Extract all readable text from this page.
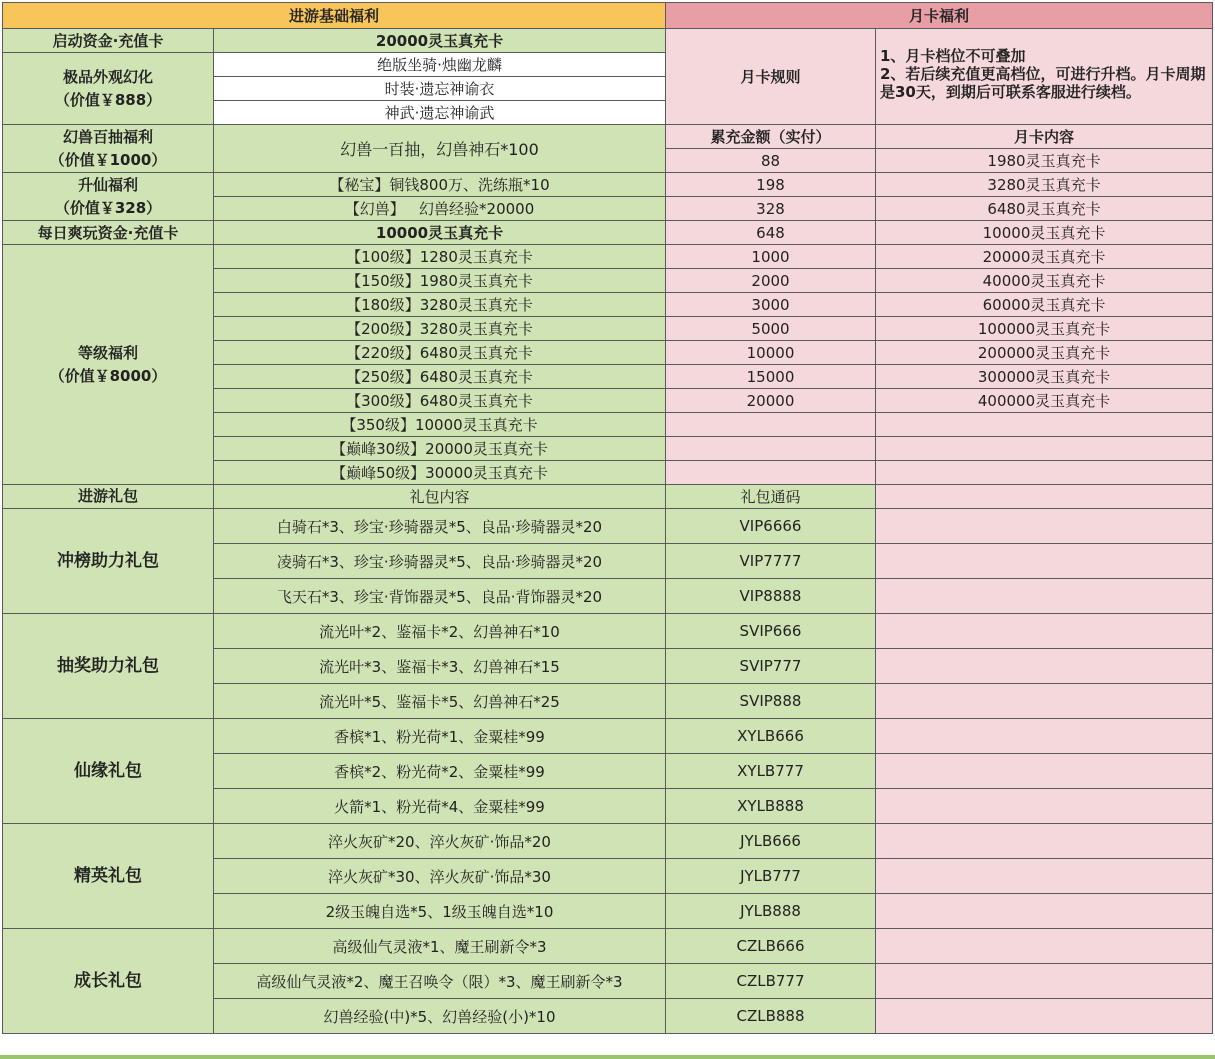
进游基础福利		月卡福利	
启动资金·充值卡	20000灵玉真充卡	月卡规则	1、月卡档位不可叠加
2、若后续充值更高档位，可进行升档。月卡周期是30天，到期后可联系客服进行续档。

极品外观幻化
（价值￥888）	绝版坐骑·烛幽龙麟		
	时装·遗忘神谕衣		
	神武·遗忘神谕武		

幻兽百抽福利
（价值￥1000）	幻兽一百抽，幻兽神石*100	累充金额（实付）	月卡内容
		88	1980灵玉真充卡

升仙福利
（价值￥328）	【秘宝】铜钱800万、洗练瓶*10	198	3280灵玉真充卡
	【幻兽】   幻兽经验*20000	328	6480灵玉真充卡
每日爽玩资金·充值卡	10000灵玉真充卡	648	10000灵玉真充卡

等级福利
（价值￥8000）	【100级】1280灵玉真充卡	1000	20000灵玉真充卡
	【150级】1980灵玉真充卡	2000	40000灵玉真充卡
	【180级】3280灵玉真充卡	3000	60000灵玉真充卡
	【200级】3280灵玉真充卡	5000	100000灵玉真充卡
	【220级】6480灵玉真充卡	10000	200000灵玉真充卡
	【250级】6480灵玉真充卡	15000	300000灵玉真充卡
	【300级】6480灵玉真充卡	20000	400000灵玉真充卡
	【350级】10000灵玉真充卡		
	【巅峰30级】20000灵玉真充卡		
	【巅峰50级】30000灵玉真充卡		
进游礼包	礼包内容	礼包通码	
冲榜助力礼包	白骑石*3、珍宝·珍骑器灵*5、良品·珍骑器灵*20	VIP6666	
	凌骑石*3、珍宝·珍骑器灵*5、良品·珍骑器灵*20	VIP7777	
	飞天石*3、珍宝·背饰器灵*5、良品·背饰器灵*20	VIP8888	
抽奖助力礼包	流光叶*2、鉴福卡*2、幻兽神石*10	SVIP666	
	流光叶*3、鉴福卡*3、幻兽神石*15	SVIP777	
	流光叶*5、鉴福卡*5、幻兽神石*25	SVIP888	
仙缘礼包	香槟*1、粉光荷*1、金粟桂*99	XYLB666	
	香槟*2、粉光荷*2、金粟桂*99	XYLB777	
	火箭*1、粉光荷*4、金粟桂*99	XYLB888	
精英礼包	淬火灰矿*20、淬火灰矿·饰品*20	JYLB666	
	淬火灰矿*30、淬火灰矿·饰品*30	JYLB777	
	2级玉魄自选*5、1级玉魄自选*10	JYLB888	
成长礼包	高级仙气灵液*1、魔王刷新令*3	CZLB666	
	高级仙气灵液*2、魔王召唤令（限）*3、魔王刷新令*3	CZLB777	
	幻兽经验(中)*5、幻兽经验(小)*10	CZLB888	
